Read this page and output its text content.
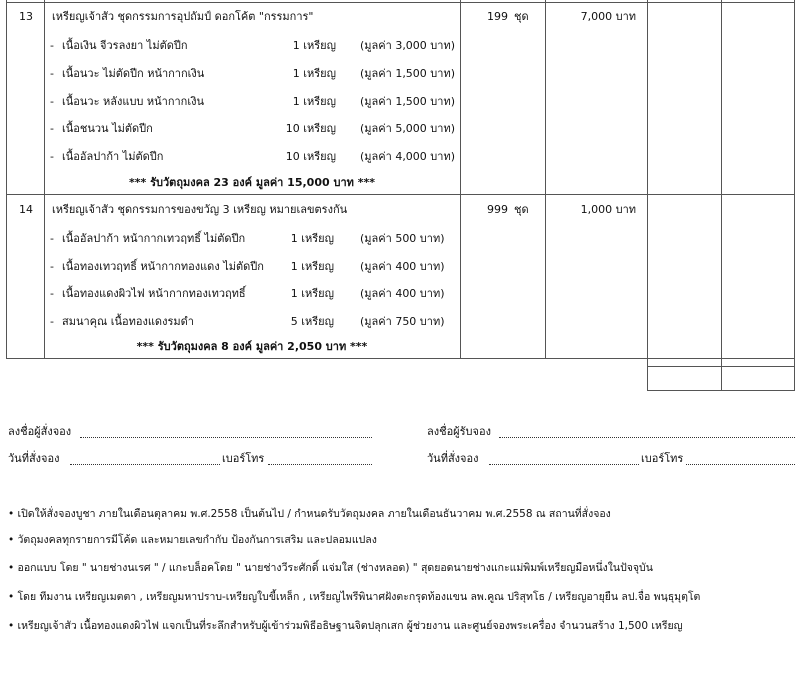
13 เหรียญเจ้าสัว ชุดกรรมการอุปถัมป์ ดอกโค้ต "กรรมการ"	199 ชุด	7,000 บาท
- เนื้อเงิน จีวรลงยา ไม่ตัดปีก	1 เหรียญ (มูลค่า 3,000 บาท)
- เนื้อนวะ ไม่ตัดปีก หน้ากากเงิน	1 เหรียญ (มูลค่า 1,500 บาท)
- เนื้อนวะ หลังแบบ หน้ากากเงิน	1 เหรียญ (มูลค่า 1,500 บาท)
- เนื้อชนวน ไม่ตัดปีก	10 เหรียญ (มูลค่า 5,000 บาท)
- เนื้ออัลปาก้า ไม่ตัดปีก	10 เหรียญ (มูลค่า 4,000 บาท)
*** รับวัตถุมงคล 23 องค์ มูลค่า 15,000 บาท ***
14 เหรียญเจ้าสัว ชุดกรรมการของขวัญ 3 เหรียญ หมายเลขตรงกัน	999 ชุด	1,000 บาท
- เนื้ออัลปาก้า หน้ากากเทวฤทธิ์ ไม่ตัดปีก	1 เหรียญ (มูลค่า 500 บาท)
- เนื้อทองเทวฤทธิ์ หน้ากากทองแดง ไม่ตัดปีก	1 เหรียญ (มูลค่า 400 บาท)
- เนื้อทองแดงผิวไฟ หน้ากากทองเทวฤทธิ์	1 เหรียญ (มูลค่า 400 บาท)
- สมนาคุณ เนื้อทองแดงรมดำ	5 เหรียญ (มูลค่า 750 บาท)
*** รับวัตถุมงคล 8 องค์ มูลค่า 2,050 บาท ***
ลงชื่อผู้สั่งจอง	ลงชื่อผู้รับจอง
วันที่สั่งจอง	เบอร์โทร	วันที่สั่งจอง	เบอร์โทร
• เปิดให้สั่งจองบูชา ภายในเดือนตุลาคม พ.ศ.2558 เป็นต้นไป / กำหนดรับวัตถุมงคล ภายในเดือนธันวาคม พ.ศ.2558 ณ สถานที่สั่งจอง
• วัตถุมงคลทุกรายการมีโค้ด และหมายเลขกำกับ ป้องกันการเสริม และปลอมแปลง
• ออกแบบ โดย " นายช่างนเรศ " / แกะบล็อคโดย " นายช่างวีระศักดิ์ แจ่มใส (ช่างหลอด) " สุดยอดนายช่างแกะแม่พิมพ์เหรียญมือหนึ่งในปัจจุบัน
• โดย ทีมงาน เหรียญเมตตา , เหรียญมหาปราบ-เหรียญใบขี้เหล็ก , เหรียญไพรีพินาศฝังตะกรุดท้องแขน ลพ.คูณ ปริสุทโธ / เหรียญอายุยืน ลป.จื่อ พนฺธุมุตฺโต
• เหรียญเจ้าสัว เนื้อทองแดงผิวไฟ แจกเป็นที่ระลึกสำหรับผู้เข้าร่วมพิธีอธิษฐานจิตปลุกเสก ผู้ช่วยงาน และศูนย์จองพระเครื่อง จำนวนสร้าง 1,500 เหรียญ
